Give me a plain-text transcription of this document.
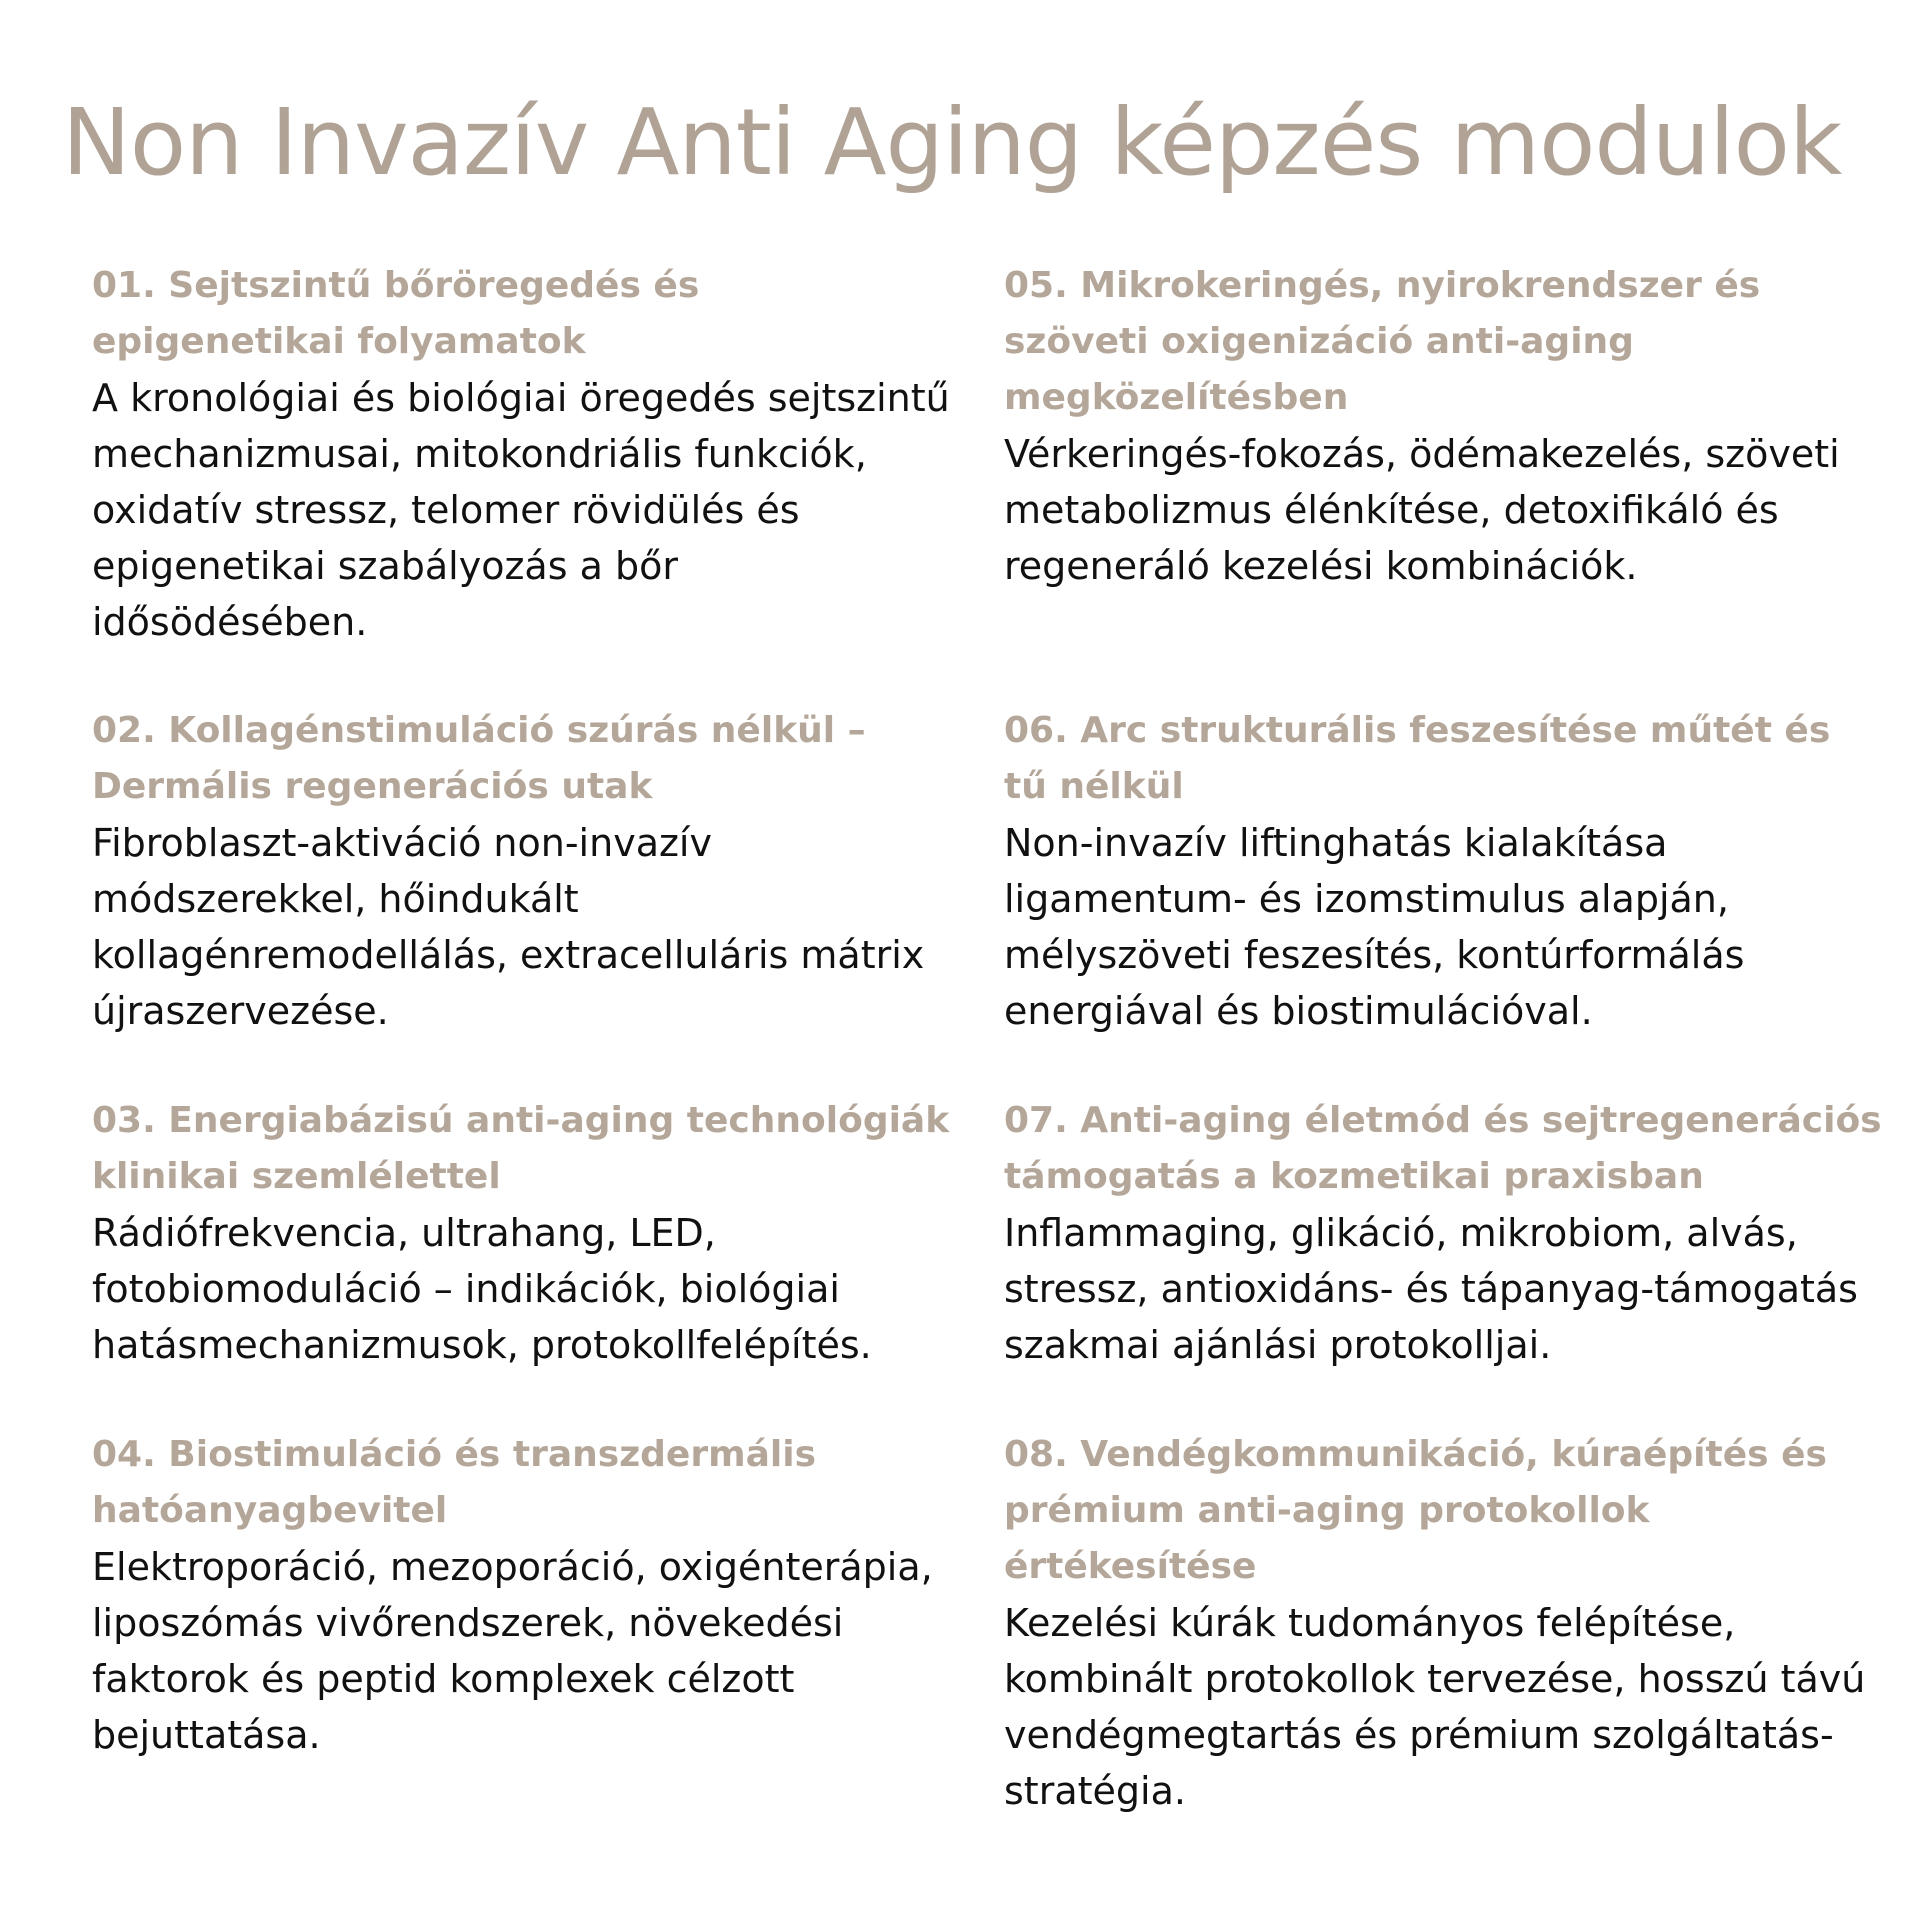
Non Invazív Anti Aging képzés modulok

01. Sejtszintű bőröregedés és epigenetikai folyamatok

A kronológiai és biológiai öregedés sejtszintű mechanizmusai, mitokondriális funkciók, oxidatív stressz, telomer rövidülés és epigenetikai szabályozás a bőr idősödésében.

02. Kollagénstimuláció szúrás nélkül – Dermális regenerációs utak

Fibroblaszt-aktiváció non-invazív módszerekkel, hőindukált kollagénremodellálás, extracelluláris mátrix újraszervezése.

03. Energiabázisú anti-aging technológiák klinikai szemlélettel

Rádiófrekvencia, ultrahang, LED, fotobiomoduláció – indikációk, biológiai hatásmechanizmusok, protokollfelépítés.

04. Biostimuláció és transzdermális hatóanyagbevitel

Elektroporáció, mezoporáció, oxigénterápia, liposzómás vivőrendszerek, növekedési faktorok és peptid komplexek célzott bejuttatása.

05. Mikrokeringés, nyirokrendszer és szöveti oxigenizáció anti-aging megközelítésben

Vérkeringés-fokozás, ödémakezelés, szöveti metabolizmus élénkítése, detoxifikáló és regeneráló kezelési kombinációk.

06. Arc strukturális feszesítése műtét és tű nélkül

Non-invazív liftinghatás kialakítása ligamentum- és izomstimulus alapján, mélyszöveti feszesítés, kontúrformálás energiával és biostimulációval.

07. Anti-aging életmód és sejtregenerációs támogatás a kozmetikai praxisban

Inflammaging, glikáció, mikrobiom, alvás, stressz, antioxidáns- és tápanyag-támogatás szakmai ajánlási protokolljai.

08. Vendégkommunikáció, kúraépítés és prémium anti-aging protokollok értékesítése

Kezelési kúrák tudományos felépítése, kombinált protokollok tervezése, hosszú távú vendégmegtartás és prémium szolgáltatás-stratégia.
